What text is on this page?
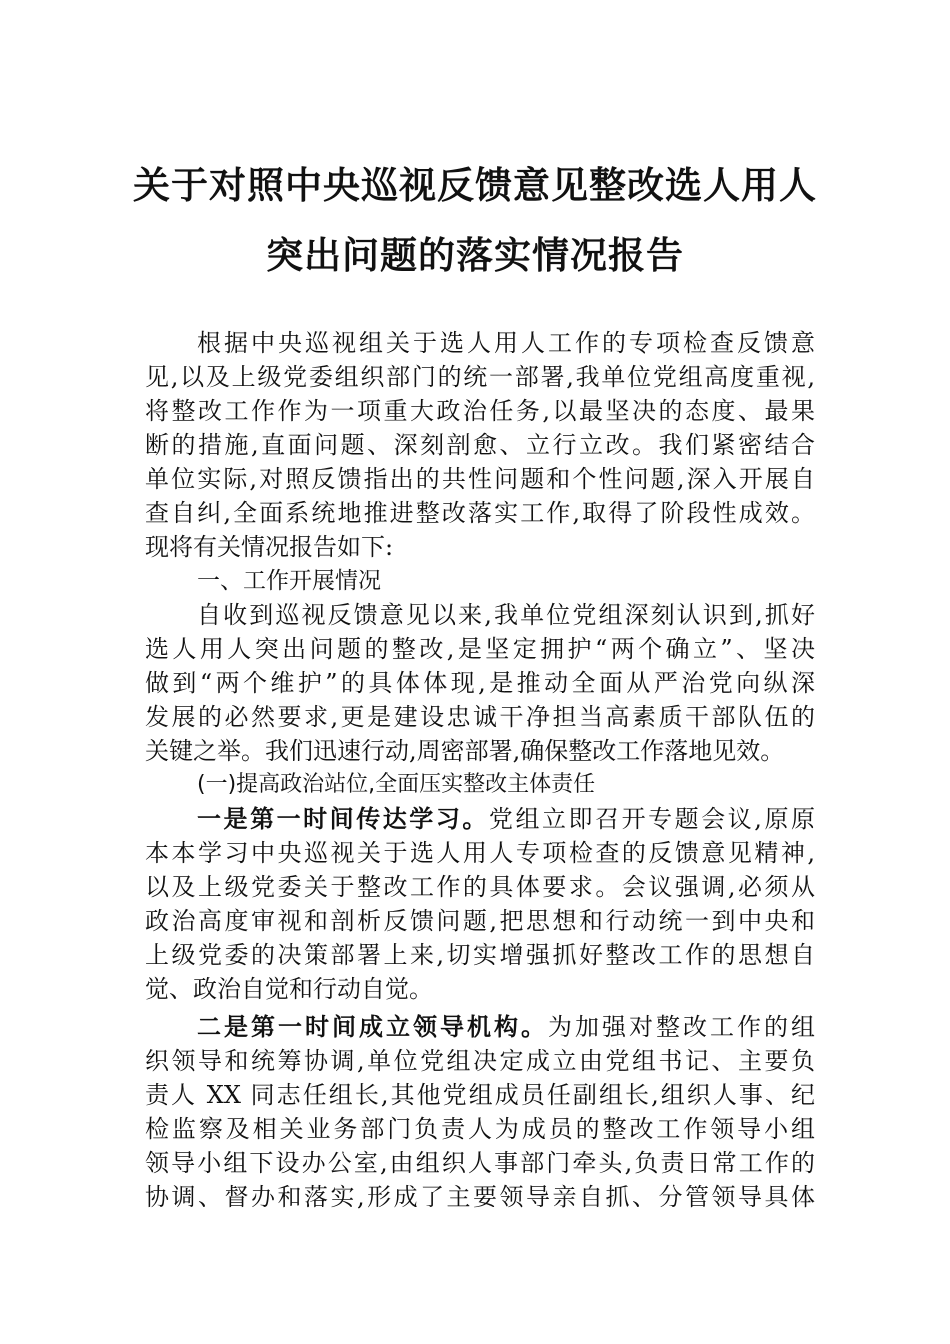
关于对照中央巡视反馈意见整改选人用人
突出问题的落实情况报告
根据中央巡视组关于选人用人工作的专项检查反馈意
见,以及上级党委组织部门的统一部署,我单位党组高度重视,
将整改工作作为一项重大政治任务,以最坚决的态度、最果
断的措施,直面问题、深刻剖愈、立行立改。我们紧密结合
单位实际,对照反馈指出的共性问题和个性问题,深入开展自
查自纠,全面系统地推进整改落实工作,取得了阶段性成效。
现将有关情况报告如下:
一、工作开展情况
自收到巡视反馈意见以来,我单位党组深刻认识到,抓好
选人用人突出问题的整改,是坚定拥护“两个确立”、坚决
做到“两个维护”的具体体现,是推动全面从严治党向纵深
发展的必然要求,更是建设忠诚干净担当高素质干部队伍的
关键之举。我们迅速行动,周密部署,确保整改工作落地见效。
(一)提高政治站位,全面压实整改主体责任
一是第一时间传达学习。党组立即召开专题会议,原原
本本学习中央巡视关于选人用人专项检查的反馈意见精神,
以及上级党委关于整改工作的具体要求。会议强调,必须从
政治高度审视和剖析反馈问题,把思想和行动统一到中央和
上级党委的决策部署上来,切实增强抓好整改工作的思想自
觉、政治自觉和行动自觉。
二是第一时间成立领导机构。为加强对整改工作的组
织领导和统筹协调,单位党组决定成立由党组书记、主要负
责人 XX 同志任组长,其他党组成员任副组长,组织人事、纪
检监察及相关业务部门负责人为成员的整改工作领导小组
领导小组下设办公室,由组织人事部门牵头,负责日常工作的
协调、督办和落实,形成了主要领导亲自抓、分管领导具体
